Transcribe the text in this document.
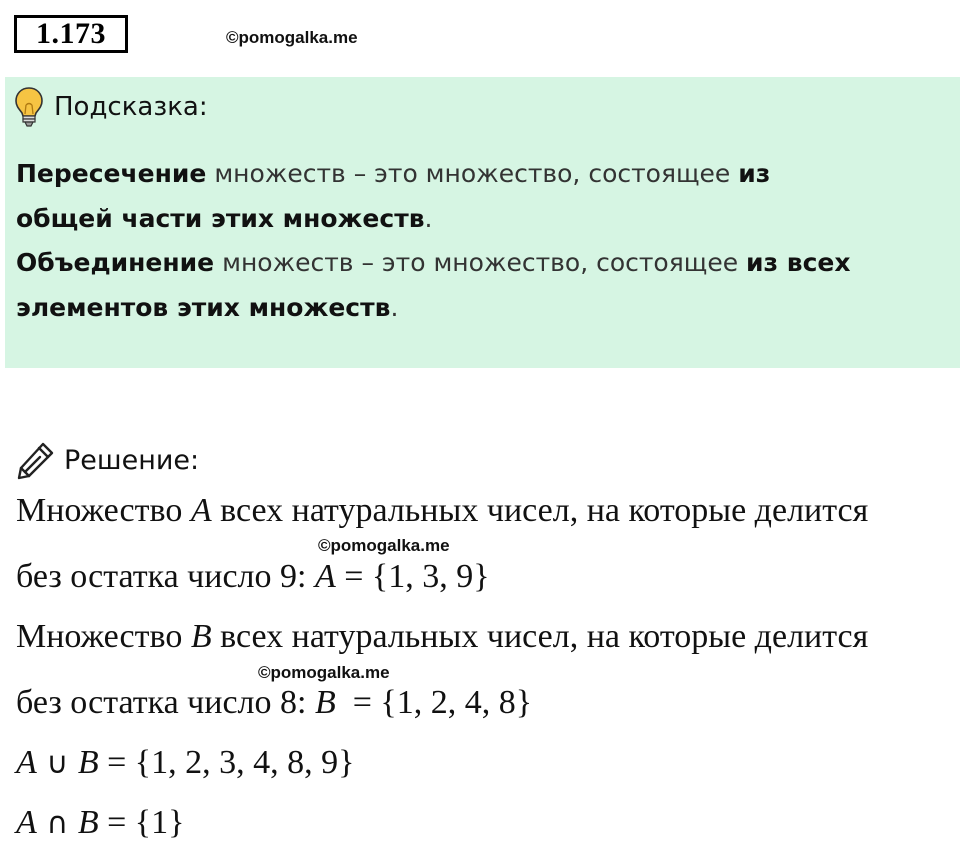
1.173	©pomogalka.me
Подсказка:
Пересечение множеств – это множество, состоящее из
общей части этих множеств.
Объединение множеств – это множество, состоящее из всех
элементов этих множеств.
Решение:
Множество A всех натуральных чисел, на которые делится
©pomogalka.me
без остатка число 9: A = {1, 3, 9}
Множество B всех натуральных чисел, на которые делится
©pomogalka.me
без остатка число 8: B  = {1, 2, 4, 8}
A ∪ B = {1, 2, 3, 4, 8, 9}
A ∩ B = {1}
